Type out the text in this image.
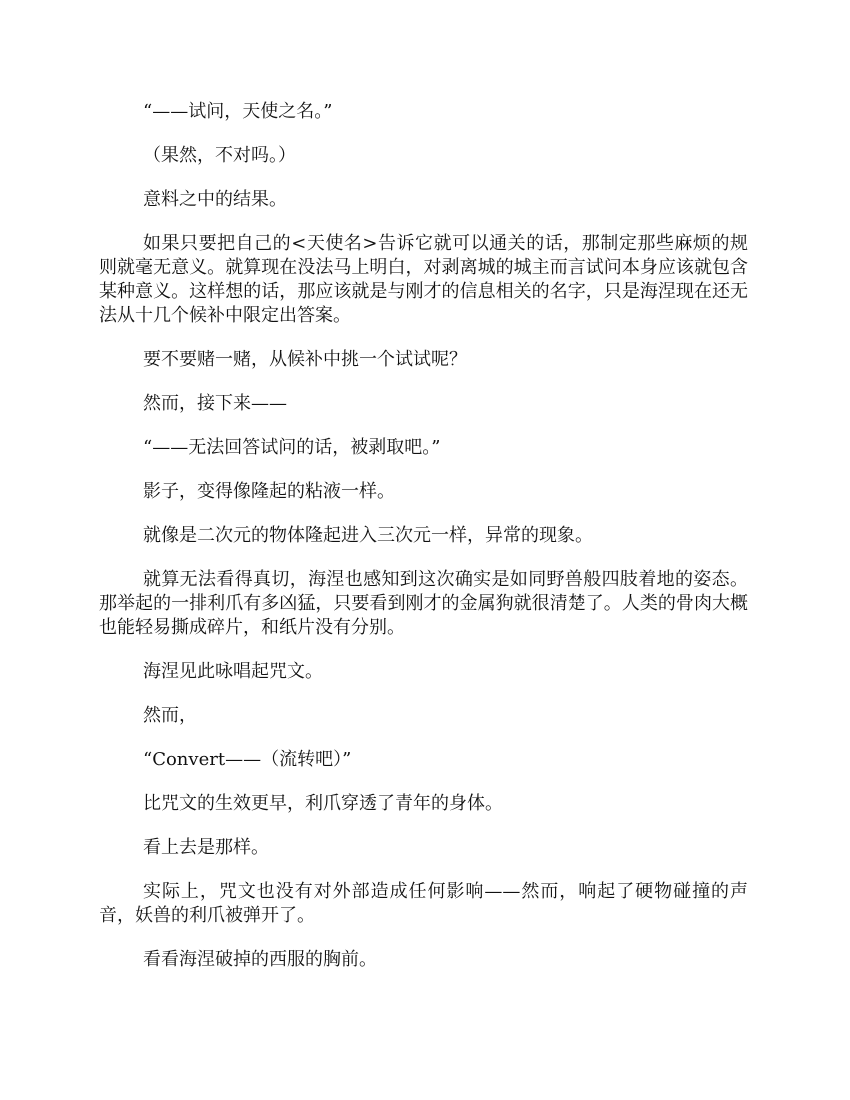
“——试问，天使之名。”

（果然，不对吗。）

意料之中的结果。

如果只要把自己的<天使名>告诉它就可以通关的话，那制定那些麻烦的规则就毫无意义。就算现在没法马上明白，对剥离城的城主而言试问本身应该就包含某种意义。这样想的话，那应该就是与刚才的信息相关的名字，只是海涅现在还无法从十几个候补中限定出答案。

要不要赌一赌，从候补中挑一个试试呢？

然而，接下来——

“——无法回答试问的话，被剥取吧。”

影子，变得像隆起的粘液一样。

就像是二次元的物体隆起进入三次元一样，异常的现象。

就算无法看得真切，海涅也感知到这次确实是如同野兽般四肢着地的姿态。那举起的一排利爪有多凶猛，只要看到刚才的金属狗就很清楚了。人类的骨肉大概也能轻易撕成碎片，和纸片没有分别。

海涅见此咏唱起咒文。

然而，

“Convert——（流转吧）”

比咒文的生效更早，利爪穿透了青年的身体。

看上去是那样。

实际上，咒文也没有对外部造成任何影响——然而，响起了硬物碰撞的声音，妖兽的利爪被弹开了。

看看海涅破掉的西服的胸前。
